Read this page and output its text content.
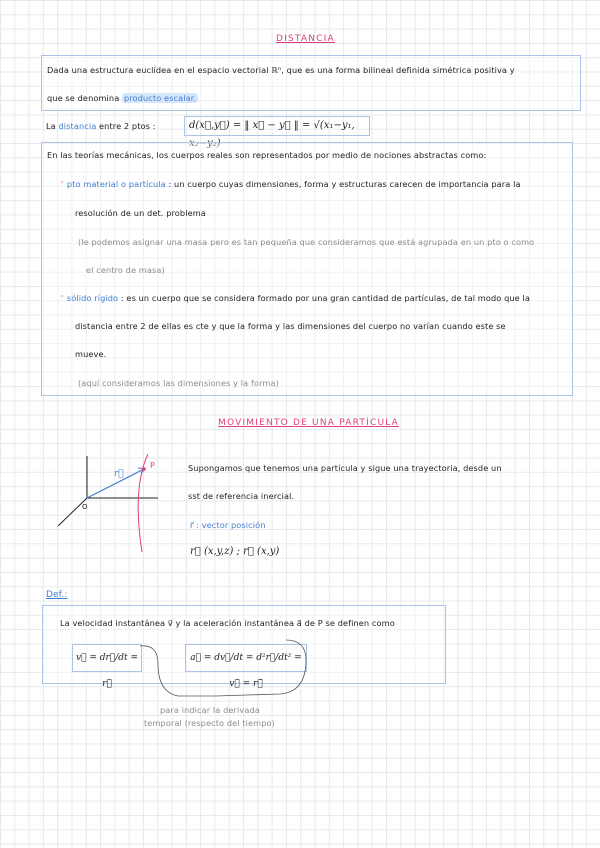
DISTANCIA
Dada una estructura euclídea en el espacio vectorial ℝⁿ, que es una forma bilineal definida simétrica positiva y
que se denomina producto escalar.
La distancia entre 2 ptos :	d(x⃗,y⃗) = ‖ x⃗ − y⃗ ‖ = √(x₁−y₁, x₂−y₂)
En las teorías mecánicas, los cuerpos reales son representados por medio de nociones abstractas como:
° pto material o partícula : un cuerpo cuyas dimensiones, forma y estructuras carecen de importancia para la
resolución de un det. problema
(le podemos asignar una masa pero es tan pequeña que consideramos que está agrupada en un pto o como
el centro de masa)
° sólido rígido : es un cuerpo que se considera formado por una gran cantidad de partículas, de tal modo que la
distancia entre 2 de ellas es cte y que la forma y las dimensiones del cuerpo no varían cuando este se
mueve.
(aquí consideramos las dimensiones y la forma)
MOVIMIENTO DE UNA PARTÍCULA
r⃗
P
O
Supongamos que tenemos una partícula y sigue una trayectoria, desde un
sst de referencia inercial.
r⃗ : vector posición
r⃗ (x,y,z) ; r⃗ (x,y)
Def.:
La velocidad instantánea v⃗ y la aceleración instantánea a⃗ de P se definen como
v⃗ = dr⃗/dt = r⃗̇
a⃗ = dv⃗/dt = d²r⃗/dt² = v⃗̇ = r⃗̈
para indicar la derivada
temporal (respecto del tiempo)
